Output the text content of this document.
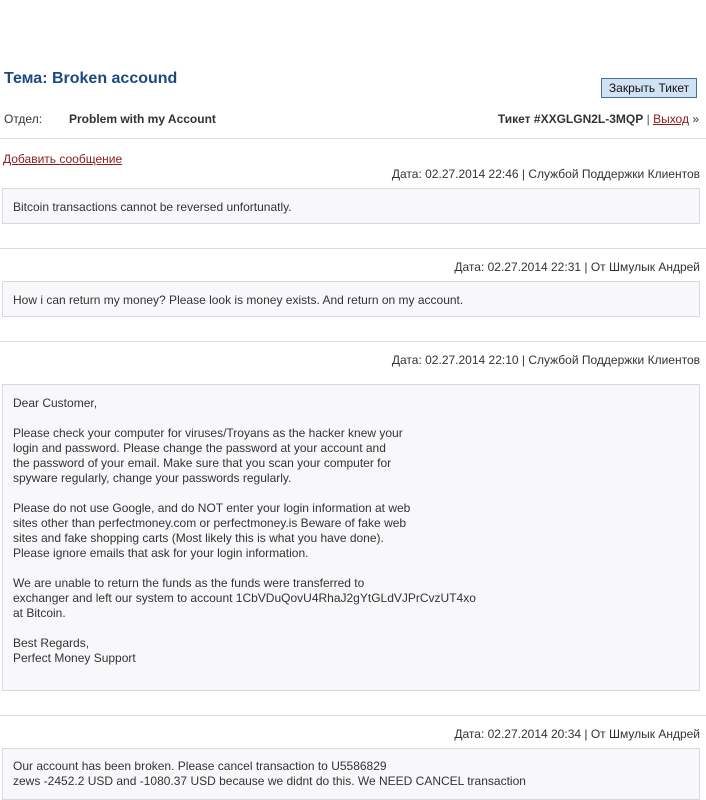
Тема: Broken accound
Закрыть Тикет
Отдел: Problem with my Account	Тикет #XXGLGN2L-3MQP | Выход »
Добавить сообщение
Дата: 02.27.2014 22:46 | Службой Поддержки Клиентов

Bitcoin transactions cannot be reversed unfortunatly.

Дата: 02.27.2014 22:31 | От Шмулык Андрей

How i can return my money? Please look is money exists. And return on my account.

Дата: 02.27.2014 22:10 | Службой Поддержки Клиентов

Dear Customer,

Please check your computer for viruses/Troyans as the hacker knew your

login and password. Please change the password at your account and

the password of your email. Make sure that you scan your computer for

spyware regularly, change your passwords regularly.

Please do not use Google, and do NOT enter your login information at web

sites other than perfectmoney.com or perfectmoney.is Beware of fake web

sites and fake shopping carts (Most likely this is what you have done).

Please ignore emails that ask for your login information.

We are unable to return the funds as the funds were transferred to

exchanger and left our system to account 1CbVDuQovU4RhaJ2gYtGLdVJPrCvzUT4xo

at Bitcoin.

Best Regards,

Perfect Money Support

Дата: 02.27.2014 20:34 | От Шмулык Андрей

Our account has been broken. Please cancel transaction to U5586829

zews -2452.2 USD and -1080.37 USD because we didnt do this. We NEED CANCEL transaction
